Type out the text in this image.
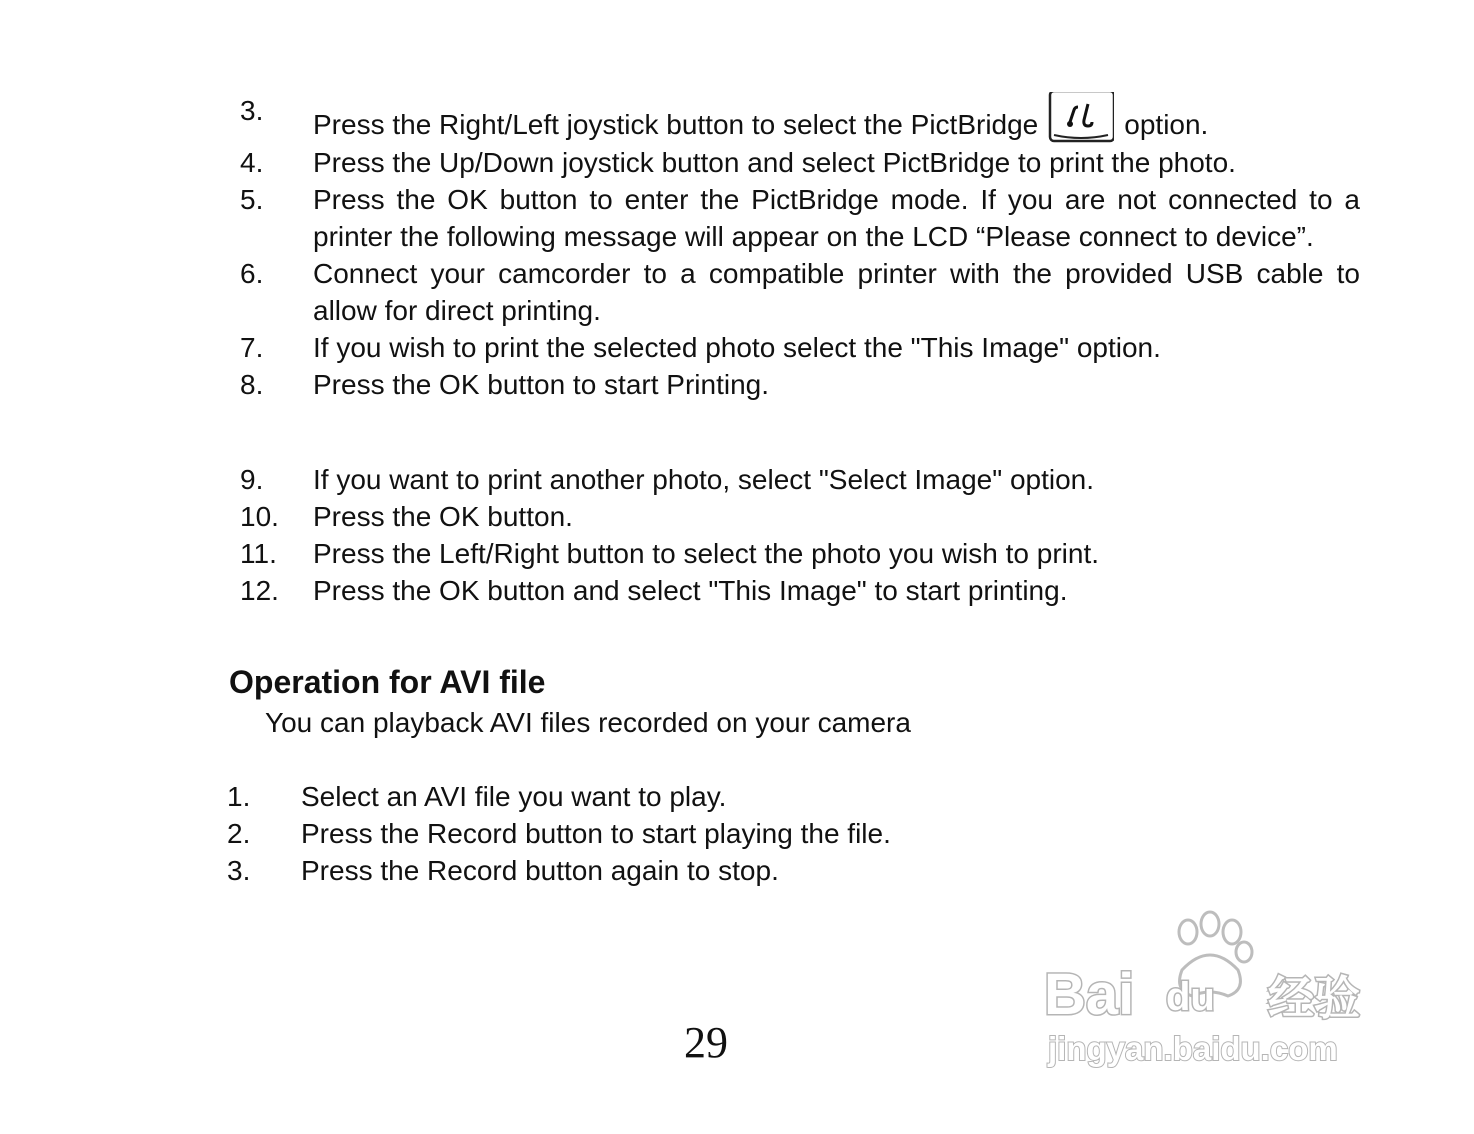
3.	Press the Right/Left joystick button to select the PictBridge	option.
4.	Press the Up/Down joystick button and select PictBridge to print the photo.
5.	Press the OK button to enter the PictBridge mode. If you are not connected to a printer the following message will appear on the LCD “Please connect to device”.
6.	Connect your camcorder to a compatible printer with the provided USB cable to allow for direct printing.
7.	If you wish to print the selected photo select the "This Image" option.
8.	Press the OK button to start Printing.
9.	If you want to print another photo, select "Select Image" option.
10.	Press the OK button.
11.	Press the Left/Right button to select the photo you wish to print.
12.	Press the OK button and select "This Image" to start printing.
Operation for AVI file
You can playback AVI files recorded on your camera
1.	Select an AVI file you want to play.
2.	Press the Record button to start playing the file.
3.	Press the Record button again to stop.
29
Bai du 经验
jingyan.baidu.com
